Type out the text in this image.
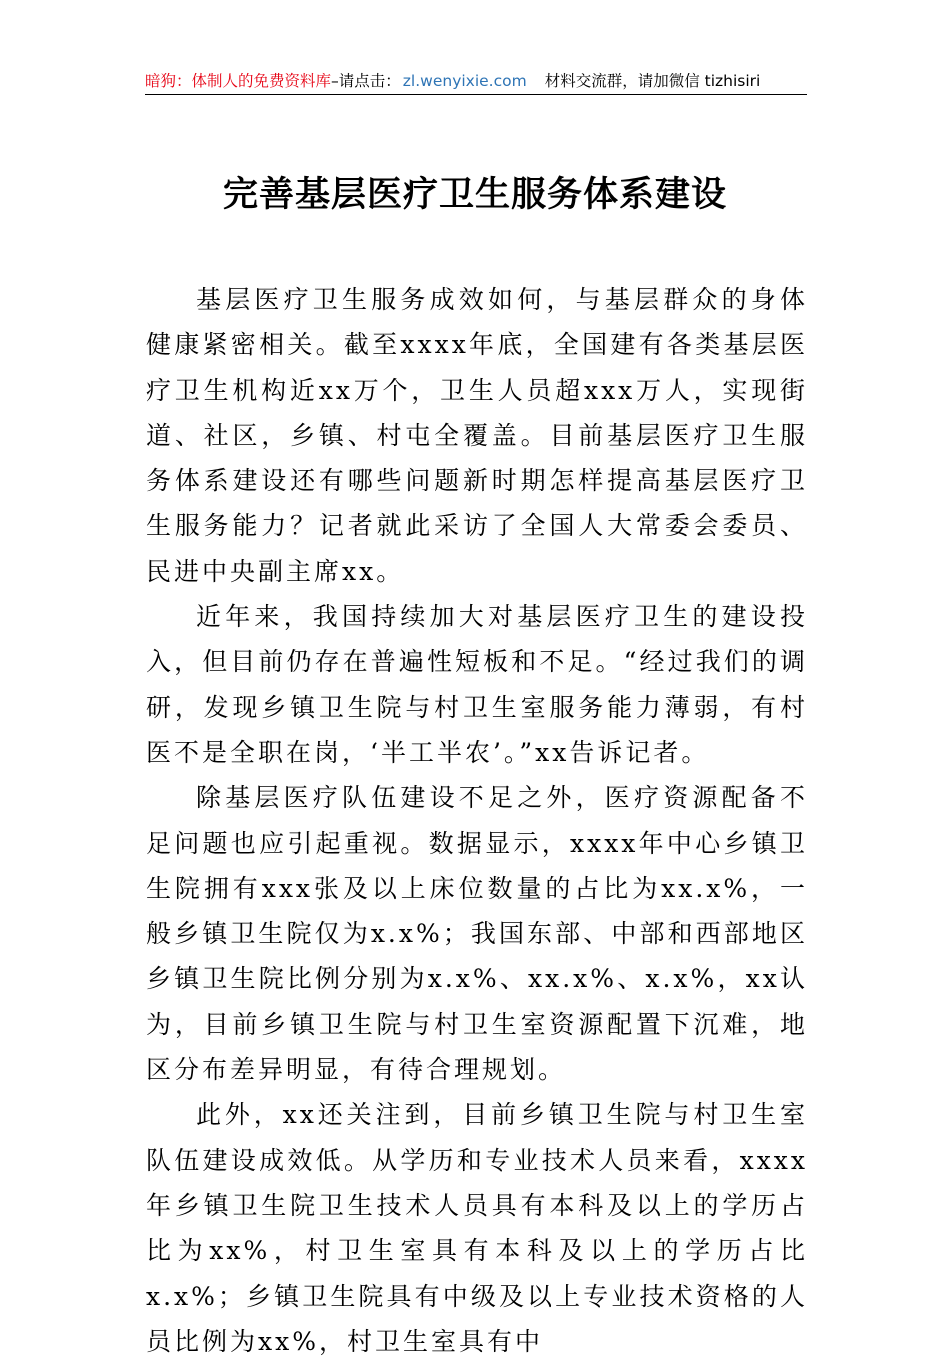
暗狗：体制人的免费资料库–请点击： zl.wenyixie.com 材料交流群，请加微信 tizhisiri
完善基层医疗卫生服务体系建设

基层医疗卫生服务成效如何，与基层群众的身体健康紧密相关。截至xxxx年底，全国建有各类基层医疗卫生机构近xx万个，卫生人员超xxx万人，实现街道、社区，乡镇、村屯全覆盖。目前基层医疗卫生服务体系建设还有哪些问题新时期怎样提高基层医疗卫生服务能力？记者就此采访了全国人大常委会委员、民进中央副主席xx。

近年来，我国持续加大对基层医疗卫生的建设投入，但目前仍存在普遍性短板和不足。“经过我们的调研，发现乡镇卫生院与村卫生室服务能力薄弱，有村医不是全职在岗，‘半工半农’。”xx告诉记者。

除基层医疗队伍建设不足之外，医疗资源配备不足问题也应引起重视。数据显示，xxxx年中心乡镇卫生院拥有xxx张及以上床位数量的占比为xx.x%，一般乡镇卫生院仅为x.x%；我国东部、中部和西部地区乡镇卫生院比例分别为x.x%、xx.x%、x.x%，xx认为，目前乡镇卫生院与村卫生室资源配置下沉难，地区分布差异明显，有待合理规划。

此外，xx还关注到，目前乡镇卫生院与村卫生室队伍建设成效低。从学历和专业技术人员来看，xxxx年乡镇卫生院卫生技术人员具有本科及以上的学历占比为xx%，村卫生室具有本科及以上的学历占比x.x%；乡镇卫生院具有中级及以上专业技术资格的人员比例为xx%，村卫生室具有中
